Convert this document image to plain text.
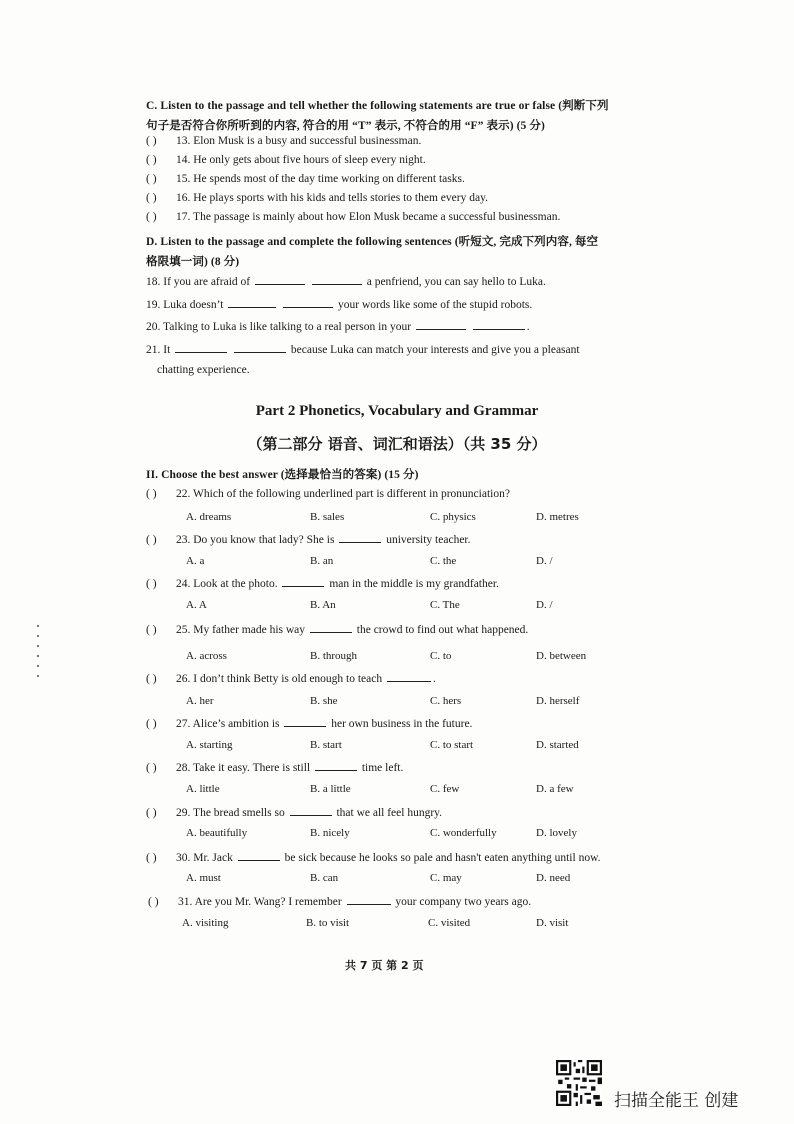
C. Listen to the passage and tell whether the following statements are true or false (判断下列
句子是否符合你所听到的内容, 符合的用 “T” 表示, 不符合的用 “F” 表示) (5 分)
( ) 13. Elon Musk is a busy and successful businessman.
( ) 14. He only gets about five hours of sleep every night.
( ) 15. He spends most of the day time working on different tasks.
( ) 16. He plays sports with his kids and tells stories to them every day.
( ) 17. The passage is mainly about how Elon Musk became a successful businessman.
D. Listen to the passage and complete the following sentences (听短文, 完成下列内容, 每空
格限填一词) (8 分)
18. If you are afraid of	a penfriend, you can say hello to Luka.
19. Luka doesn’t	your words like some of the stupid robots.
20. Talking to Luka is like talking to a real person in your	.
21. It	because Luka can match your interests and give you a pleasant
chatting experience.
Part 2 Phonetics, Vocabulary and Grammar
（第二部分 语音、词汇和语法）（共 35 分）
II. Choose the best answer (选择最恰当的答案) (15 分)
( ) 22. Which of the following underlined part is different in pronunciation?
A. dreams	B. sales	C. physics	D. metres
( ) 23. Do you know that lady? She is	university teacher.
A. a	B. an	C. the	D. /
( ) 24. Look at the photo.	man in the middle is my grandfather.
A. A	B. An	C. The	D. /
( ) 25. My father made his way	the crowd to find out what happened.
A. across	B. through	C. to	D. between
( ) 26. I don’t think Betty is old enough to teach	.
A. her	B. she	C. hers	D. herself
( ) 27. Alice’s ambition is	her own business in the future.
A. starting	B. start	C. to start	D. started
( ) 28. Take it easy. There is still	time left.
A. little	B. a little	C. few	D. a few
( ) 29. The bread smells so	that we all feel hungry.
A. beautifully	B. nicely	C. wonderfully	D. lovely
( ) 30. Mr. Jack	be sick because he looks so pale and hasn't eaten anything until now.
A. must	B. can	C. may	D. need
( ) 31. Are you Mr. Wang? I remember	your company two years ago.
A. visiting	B. to visit	C. visited	D. visit
共 7 页 第 2 页
扫描全能王 创建
